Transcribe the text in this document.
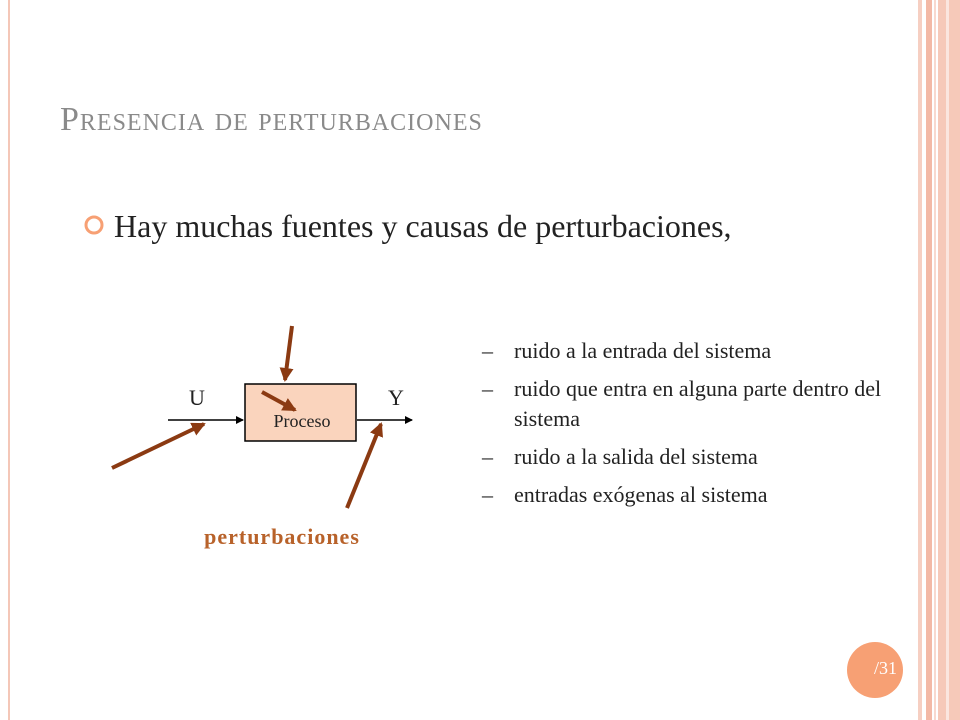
Presencia de perturbaciones
Hay muchas fuentes y causas de perturbaciones,
Proceso
U	Y
perturbaciones
– ruido a la entrada del sistema
– ruido que entra en alguna parte dentro del sistema
– ruido a la salida del sistema
– entradas exógenas al sistema
/31
